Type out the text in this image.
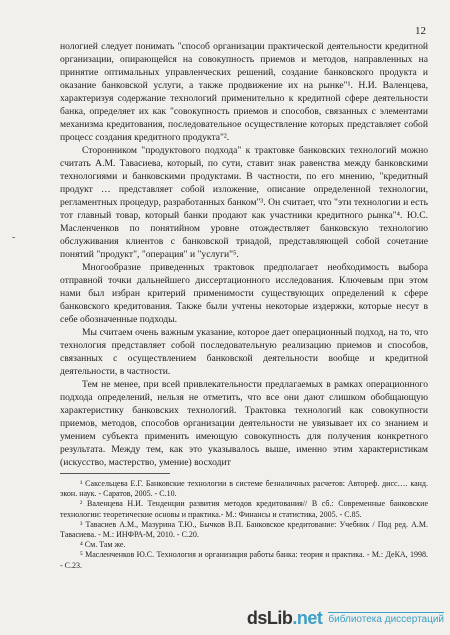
12
-

нологией следует понимать "способ организации практической деятельности кредитной организации, опирающейся на совокупность приемов и методов, направленных на принятие оптимальных управленческих решений, создание банковского продукта и оказание банковской услуги, а также продвижение их на рынке"¹. Н.И. Валенцева, характеризуя содержание технологий применительно к кредитной сфере деятельности банка, определяет их как "совокупность приемов и способов, связанных с элементами механизма кредитования, последовательное осуществление которых представляет собой процесс создания кредитного продукта"².

Сторонником "продуктового подхода" к трактовке банковских технологий можно считать А.М. Тавасиева, который, по сути, ставит знак равенства между банковскими технологиями и банковскими продуктами. В частности, по его мнению, "кредитный продукт … представляет собой изложение, описание определенной технологии, регламентных процедур, разработанных банком"³. Он считает, что "эти технологии и есть тот главный товар, который банки продают как участники кредитного рынка"⁴. Ю.С. Масленченков по понятийном уровне отождествляет банковскую технологию обслуживания клиентов с банковской триадой, представляющей собой сочетание понятий "продукт", "операция" и "услуги"⁵.

Многообразие приведенных трактовок предполагает необходимость выбора отправной точки дальнейшего диссертационного исследования. Ключевым при этом нами был избран критерий применимости существующих определений к сфере банковского кредитования. Также были учтены некоторые издержки, которые несут в себе обозначенные подходы.

Мы считаем очень важным указание, которое дает операционный подход, на то, что технология представляет собой последовательную реализацию приемов и способов, связанных с осуществлением банковской деятельности вообще и кредитной деятельности, в частности.

Тем не менее, при всей привлекательности предлагаемых в рамках операционного подхода определений, нельзя не отметить, что все они дают слишком обобщающую характеристику банковских технологий. Трактовка технологий как совокупности приемов, методов, способов организации деятельности не увязывает их со знанием и умением субъекта применить имеющую совокупность для получения конкретного результата. Между тем, как это указывалось выше, именно этим характеристикам (искусство, мастерство, умение) восходит

¹ Саксельцева Е.Г. Банковские технологии в системе безналичных расчетов: Автореф. дисс…. канд. экон. наук. - Саратов, 2005. - С.10.

² Валенцева Н.И. Тенденции развития методов кредитования// В сб.: Современные банковские технологии: теоретические основы и практика.- М.: Финансы и статистика, 2005. - С.85.

³ Тавасиев А.М., Мазурина Т.Ю., Бычков В.П. Банковское кредитование: Учебник / Под ред. А.М. Тавасиева. - М.: ИНФРА-М, 2010. - С.20.

⁴ См. Там же.

⁵ Масленченков Ю.С. Технология и организация работы банка: теория и практика. - М.: ДеКА, 1998. - С.23.

dsLib.net библиотека диссертаций
